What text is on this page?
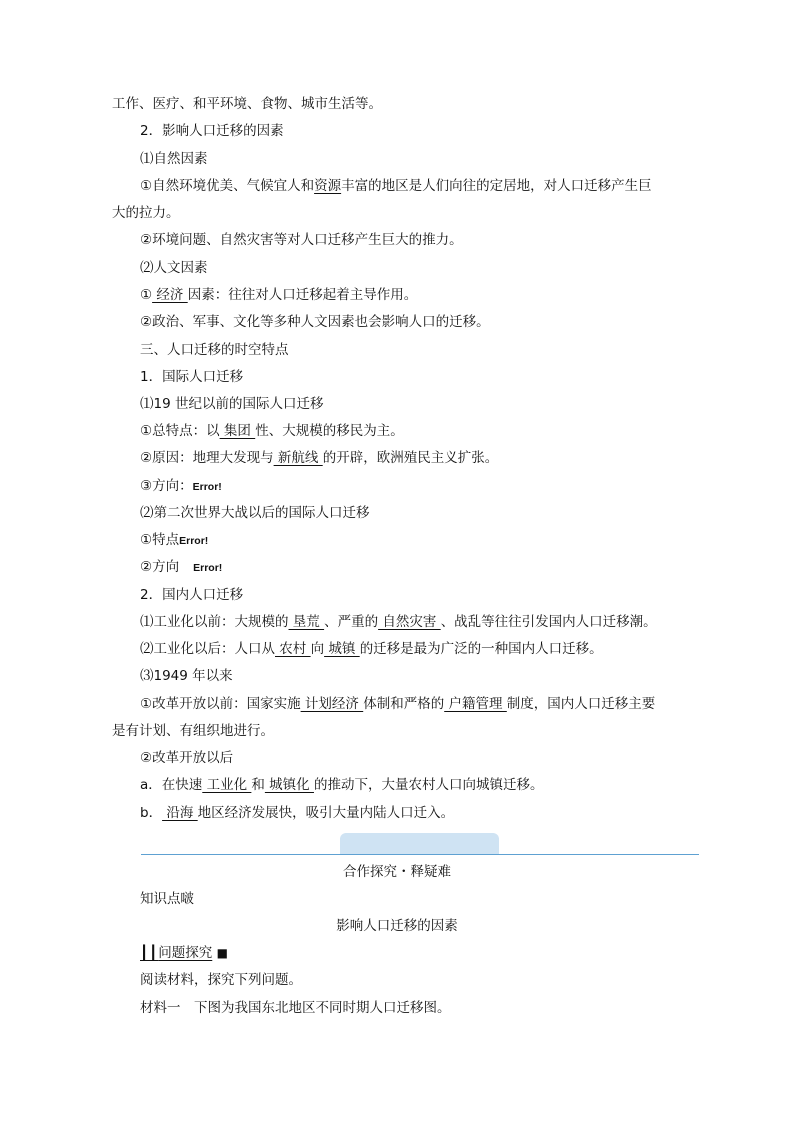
工作、医疗、和平环境、食物、城市生活等。
2．影响人口迁移的因素
⑴自然因素
①自然环境优美、气候宜人和资源丰富的地区是人们向往的定居地，对人口迁移产生巨
大的拉力。
②环境问题、自然灾害等对人口迁移产生巨大的推力。
⑵人文因素
① 经济 因素：往往对人口迁移起着主导作用。
②政治、军事、文化等多种人文因素也会影响人口的迁移。
三、人口迁移的时空特点
1．国际人口迁移
⑴19 世纪以前的国际人口迁移
①总特点：以 集团 性、大规模的移民为主。
②原因：地理大发现与 新航线 的开辟，欧洲殖民主义扩张。
③方向：Error!
⑵第二次世界大战以后的国际人口迁移
①特点Error!
②方向 Error!
2．国内人口迁移
⑴工业化以前：大规模的 垦荒 、严重的 自然灾害 、战乱等往往引发国内人口迁移潮。
⑵工业化以后：人口从 农村 向 城镇 的迁移是最为广泛的一种国内人口迁移。
⑶1949 年以来
①改革开放以前：国家实施 计划经济 体制和严格的 户籍管理 制度，国内人口迁移主要
是有计划、有组织地进行。
②改革开放以后
a．在快速 工业化 和 城镇化 的推动下，大量农村人口向城镇迁移。
b． 沿海 地区经济发展快，吸引大量内陆人口迁入。
合作探究・释疑难
知识点啵
影响人口迁移的因素
┃┃问题探究 ■
阅读材料，探究下列问题。
材料一　下图为我国东北地区不同时期人口迁移图。
